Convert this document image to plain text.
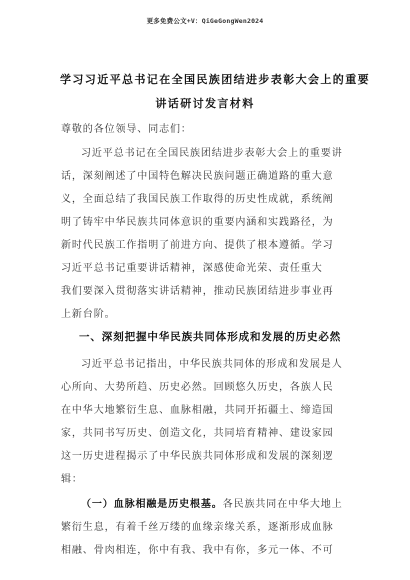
更多免费公文+V：QiGeGongWen2024
学习习近平总书记在全国民族团结进步表彰大会上的重要
讲话研讨发言材料
尊敬的各位领导、同志们：
习近平总书记在全国民族团结进步表彰大会上的重要讲
话，深刻阐述了中国特色解决民族问题正确道路的重大意
义，全面总结了我国民族工作取得的历史性成就，系统阐
明了铸牢中华民族共同体意识的重要内涵和实践路径，为
新时代民族工作指明了前进方向、提供了根本遵循。学习
习近平总书记重要讲话精神，深感使命光荣、责任重大
我们要深入贯彻落实讲话精神，推动民族团结进步事业再
上新台阶。
一、深刻把握中华民族共同体形成和发展的历史必然
习近平总书记指出，中华民族共同体的形成和发展是人
心所向、大势所趋、历史必然。回顾悠久历史，各族人民
在中华大地繁衍生息、血脉相融，共同开拓疆土、缔造国
家，共同书写历史、创造文化，共同培育精神、建设家园
这一历史进程揭示了中华民族共同体形成和发展的深刻逻
辑：
（一）血脉相融是历史根基。各民族共同在中华大地上
繁衍生息，有着千丝万缕的血缘亲缘关系，逐渐形成血脉
相融、骨肉相连，你中有我、我中有你，多元一体、不可
